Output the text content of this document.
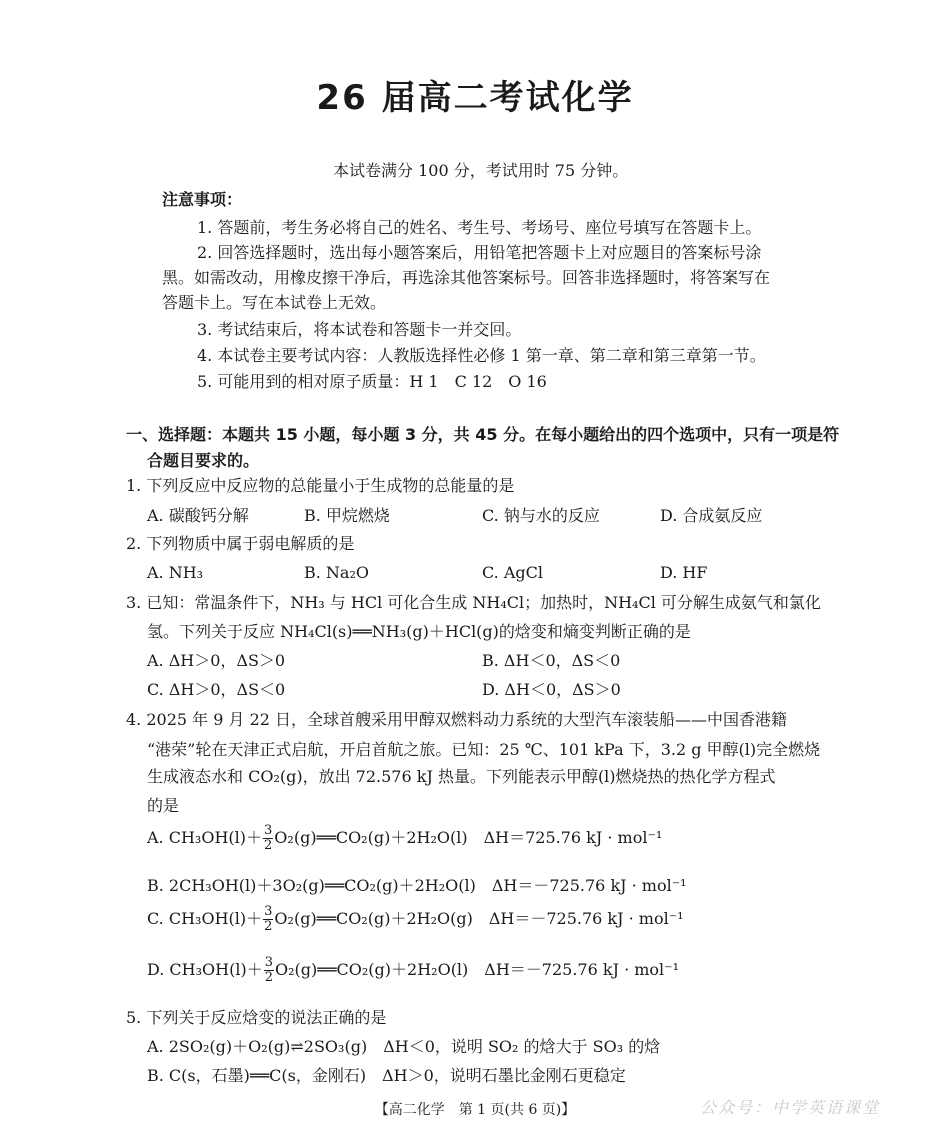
26 届高二考试化学
本试卷满分 100 分，考试用时 75 分钟。
注意事项：
1. 答题前，考生务必将自己的姓名、考生号、考场号、座位号填写在答题卡上。
2. 回答选择题时，选出每小题答案后，用铅笔把答题卡上对应题目的答案标号涂
黑。如需改动，用橡皮擦干净后，再选涂其他答案标号。回答非选择题时，将答案写在
答题卡上。写在本试卷上无效。
3. 考试结束后，将本试卷和答题卡一并交回。
4. 本试卷主要考试内容：人教版选择性必修 1 第一章、第二章和第三章第一节。
5. 可能用到的相对原子质量：H 1　C 12　O 16
一、选择题：本题共 15 小题，每小题 3 分，共 45 分。在每小题给出的四个选项中，只有一项是符
合题目要求的。
1. 下列反应中反应物的总能量小于生成物的总能量的是
A. 碳酸钙分解	B. 甲烷燃烧	C. 钠与水的反应	D. 合成氨反应
2. 下列物质中属于弱电解质的是
A. NH₃	B. Na₂O	C. AgCl	D. HF
3. 已知：常温条件下，NH₃ 与 HCl 可化合生成 NH₄Cl；加热时，NH₄Cl 可分解生成氨气和氯化
氢。下列关于反应 NH₄Cl(s)══NH₃(g)＋HCl(g)的焓变和熵变判断正确的是
A. ΔH＞0，ΔS＞0	B. ΔH＜0，ΔS＜0
C. ΔH＞0，ΔS＜0	D. ΔH＜0，ΔS＞0
4. 2025 年 9 月 22 日，全球首艘采用甲醇双燃料动力系统的大型汽车滚装船——中国香港籍
“港荣”轮在天津正式启航，开启首航之旅。已知：25 ℃、101 kPa 下，3.2 g 甲醇(l)完全燃烧
生成液态水和 CO₂(g)，放出 72.576 kJ 热量。下列能表示甲醇(l)燃烧热的热化学方程式
的是
A. $CH_3OH(l)+ \frac{3}{2}$ O₂(g)══CO₂(g)＋2H₂O(l)　ΔH＝725.76 kJ · mol⁻¹
B. 2CH₃OH(l)＋3O₂(g)══CO₂(g)＋2H₂O(l)　ΔH＝－725.76 kJ · mol⁻¹
C. $CH_3OH(l)+ \frac{3}{2}$ O₂(g)══CO₂(g)＋2H₂O(g)　ΔH＝－725.76 kJ · mol⁻¹
D. $CH_3OH(l)+ \frac{3}{2}$ O₂(g)══CO₂(g)＋2H₂O(l)　ΔH＝－725.76 kJ · mol⁻¹
5. 下列关于反应焓变的说法正确的是
A. 2SO₂(g)＋O₂(g)⇌2SO₃(g)　ΔH＜0，说明 SO₂ 的焓大于 SO₃ 的焓
B. C(s，石墨)══C(s，金刚石)　ΔH＞0，说明石墨比金刚石更稳定
【高二化学　第 1 页(共 6 页)】	公众号：中学英语课堂
